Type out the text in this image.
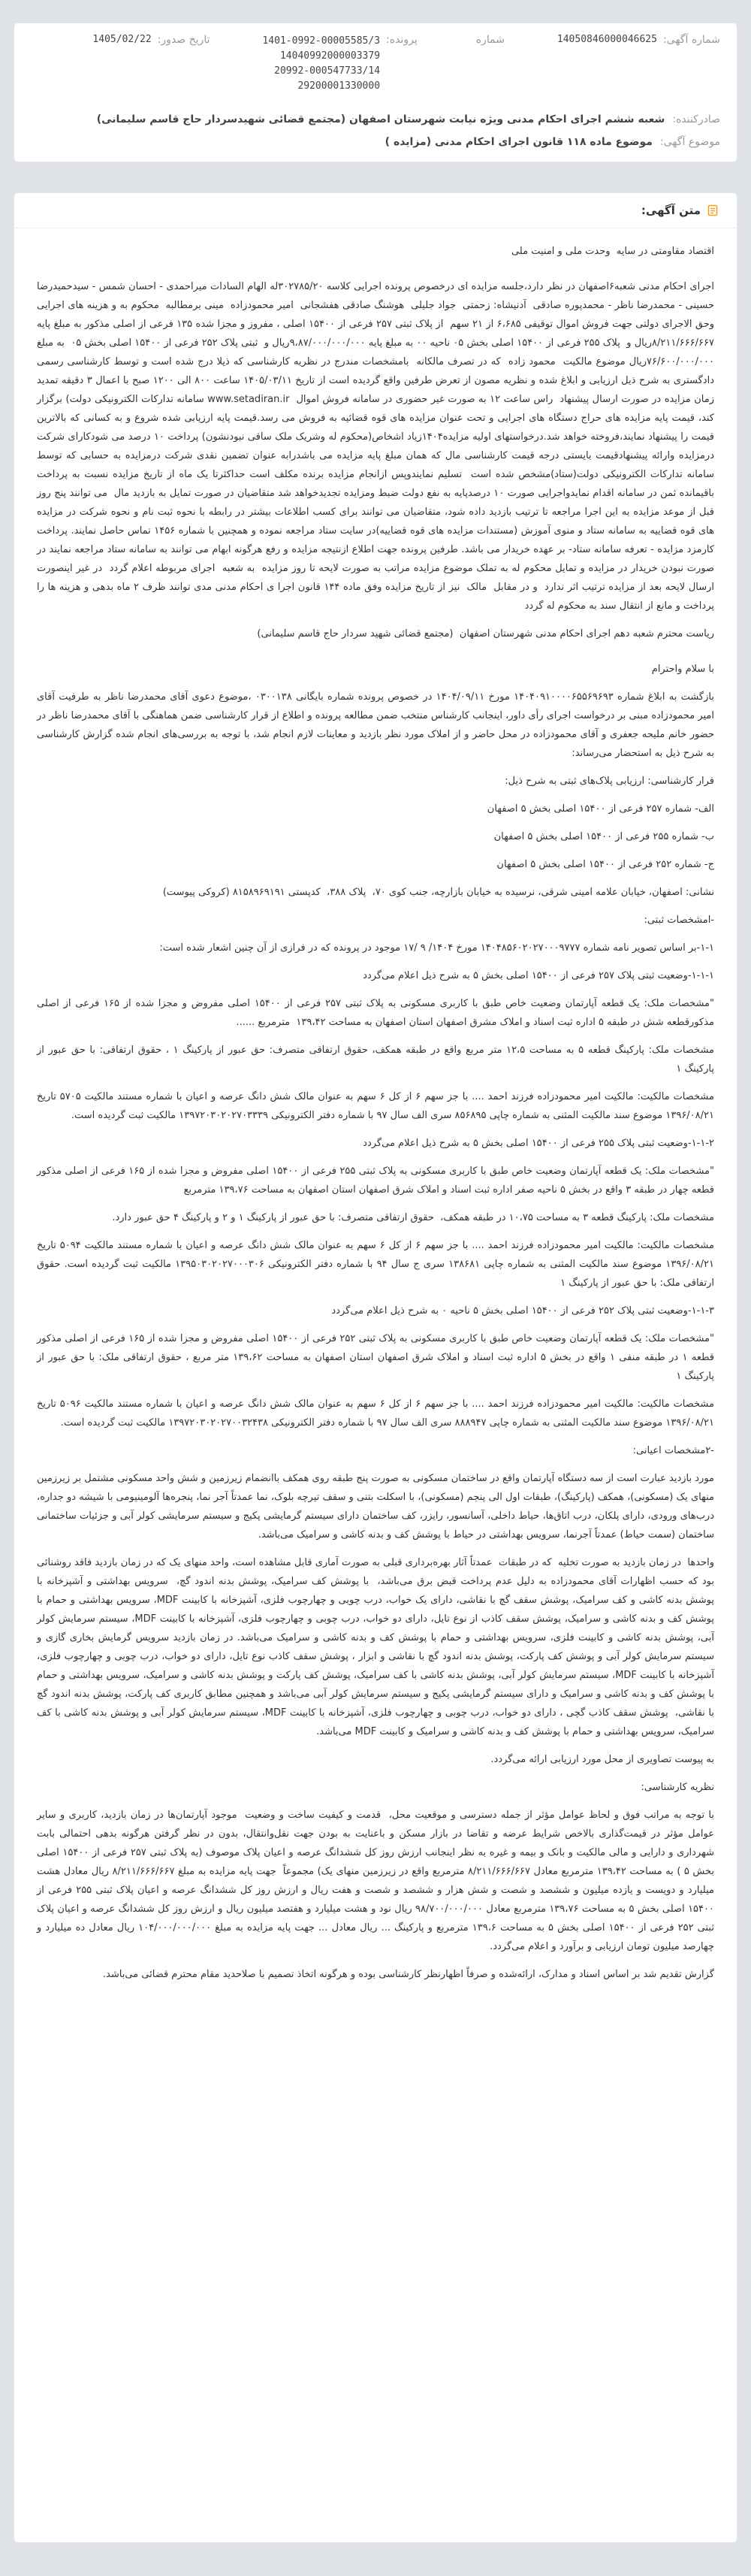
شماره آگهی:
14050846000046625
شماره
پرونده:
1401-0992-00005585/3
14040992000003379
20992-000547733/14
29200001330000
تاریخ صدور:
1405/02/22
صادرکننده:
شعبه ششم اجرای احکام مدنی ویژه نیابت شهرستان اصفهان (مجتمع قضائی شهیدسردار حاج قاسم سلیمانی)
موضوع آگهی:
موضوع ماده ۱۱۸ قانون اجرای احکام مدنی (مزایده )
متن آگهی:

اقتصاد مقاومتی در سایه  وحدت ملی و امنیت ملی

اجرای احکام مدنی شعبه۶اصفهان در نظر دارد،جلسه مزایده ای درخصوص پرونده اجرایی کلاسه ۳۰۲۷۸۵/۲۰له الهام السادات میراحمدی - احسان شمس - سیدحمیدرضا حسینی - محمدرضا ناظر - محمدپوره صادقی  آدنیشاه: زحمتی  جواد جلیلی  هوشنگ صادقی هفشجانی  امیر محمودزاده  مینی برمطالبه  محکوم به و هزینه های اجرایی وحق الاجرای دولتی جهت فروش اموال توقیفی ۶،۶۸۵ از ۲۱ سهم  از پلاک ثبتی ۲۵۷ فرعی از ۱۵۴۰۰ اصلی ، مفروز و مجزا شده ۱۳۵ فرعی از اصلی مذکور به مبلغ پایه ۸/۲۱۱/۶۶۶/۶۶۷ریال و  پلاک ۲۵۵ فرعی از ۱۵۴۰۰ اصلی بخش ۰۵ ناحیه ۰۰ به مبلغ پایه ۹،۸۷/۰۰۰/۰۰۰/۰۰۰ریال و  ثبتی پلاک ۲۵۲ فرعی از ۱۵۴۰۰ اصلی بخش ۰۵  به مبلغ ۷۶/۶۰۰/۰۰۰/۰۰۰ریال موضوع مالکیت  محمود زاده  که در تصرف مالکانه  بامشخصات مندرج در نظریه کارشناسی که ذیلا درج شده است و توسط کارشناسی رسمی دادگستری به شرح ذیل ارزیابی و ابلاغ شده و نظریه مصون از تعرض طرفین واقع گردیده است از تاریخ ۱۴۰۵/۰۳/۱۱ ساعت ۸۰۰ الی ۱۲۰۰ صبح با اعمال ۳ دقیقه تمدید زمان مزایده در صورت ارسال پیشنهاد  راس ساعت ۱۲ به صورت غیر حضوری در سامانه فروش اموال  www.setadiran.ir سامانه تدارکات الکترونیکی دولت) برگزار کند، قیمت پایه مزایده های حراج دستگاه های اجرایی و تحت عنوان مزایده های قوه قضائیه به فروش می رسد.قیمت پایه ارزیابی شده شروع و به کسانی که بالاترین قیمت را پیشنهاد نمایند،فروخته خواهد شد.درخواستهای اولیه مزایده۱۴۰۴زیاد اشخاص(محکوم له وشریک ملک ساقی نبودنشون) پرداخت ۱۰ درصد می شودکارای شرکت درمزایده وارائه پیشنهادقیمت بایستی درجه قیمت کارشناسی مال که همان مبلغ پایه مزایده می باشدرابه عنوان تضمین نقدی شرکت درمزایده به حسابی که توسط سامانه تدارکات الکترونیکی دولت(ستاد)مشخص شده است  تسلیم نمایندوپس ازانجام مزایده برنده مکلف است حداکثرتا یک ماه از تاریخ مزایده نسبت به پرداخت باقیمانده ثمن در سامانه اقدام نمایدواجرایی صورت ۱۰ درصدپایه به نفع دولت ضبط ومزایده تجدیدخواهد شد متقاضیان در صورت تمایل به بازدید مال  می توانند پنج روز قبل از موعد مزایده به این اجرا مراجعه تا ترتیب بازدید داده شود، متقاضیان می توانند برای کسب اطلاعات بیشتر در رابطه با نحوه ثبت نام و نحوه شرکت در مزایده های قوه قضاییه به سامانه ستاد و منوی آموزش (مستندات مزایده های قوه قضاییه)در سایت ستاد مراجعه نموده و همچنین با شماره ۱۴۵۶ تماس حاصل نمایند. پرداخت کارمزد مزایده - تعرفه سامانه ستاد- بر عهده خریدار می باشد. طرفین پرونده جهت اطلاع ازنتیجه مزایده و رفع هرگونه ابهام می توانند به سامانه ستاد مراجعه نمایند در صورت نبودن خریدار در مزایده و تمایل محکوم له به تملک موضوع مزایده مراتب به صورت لایحه تا روز مزایده  به شعبه  اجرای مربوطه اعلام گردد  در غیر اینصورت ارسال لایحه بعد از مزایده ترتیب اثر ندارد  و در مقابل  مالک  نیز از تاریخ مزایده وفق ماده ۱۴۴ قانون اجرا ی احکام مدنی مدی توانند ظرف ۲ ماه بدهی و هزینه ها را پرداخت و مانع از انتقال سند به محکوم له گردد

ریاست محترم شعبه دهم اجرای احکام مدنی شهرستان اصفهان  (مجتمع قضائی شهید سردار حاج قاسم سلیمانی)

با سلام واحترام

بازگشت به ابلاغ شماره ۱۴۰۴۰۹۱۰۰۰۰۶۵۵۶۹۶۹۳ مورخ ۱۴۰۴/۰۹/۱۱ در خصوص پرونده شماره بایگانی ۰۳۰۰۱۳۸ ،موضوع دعوی آقای محمدرضا ناظر به طرفیت آقای امیر محمودزاده مبنی بر درخواست اجرای رأی داور، اینجانب کارشناس منتخب ضمن مطالعه پرونده و اطلاع از قرار کارشناسی ضمن هماهنگی با آقای محمدرضا ناظر در حضور خانم ملیحه جعفری و آقای محمودزاده در محل حاضر و از املاک مورد نظر بازدید و معاینات لازم انجام شد، با توجه به بررسی‌های انجام شده گزارش کارشناسی به شرح ذیل به استحضار می‌رساند:

قرار کارشناسی: ارزیابی پلاک‌های ثبتی به شرح ذیل:

الف- شماره ۲۵۷ فرعی از ۱۵۴۰۰ اصلی بخش ۵ اصفهان

ب- شماره ۲۵۵ فرعی از ۱۵۴۰۰ اصلی بخش ۵ اصفهان

ج- شماره ۲۵۲ فرعی از ۱۵۴۰۰ اصلی بخش ۵ اصفهان

نشانی: اصفهان، خیابان علامه امینی شرقی، نرسیده به خیابان بازارچه، جنب کوی ۷۰،  پلاک ۳۸۸،  کدپستی ۸۱۵۸۹۶۹۱۹۱ (کروکی پیوست)

-امشخصات ثبتی:

۱-۱-بر اساس تصویر نامه شماره ۱۴۰۴۸۵۶۰۲۰۲۷۰۰۰۹۷۷۷ مورخ ۱۴۰۴/ ۹ /۱۷ موجود در پرونده که در فرازی از آن چنین اشعار شده است:

۱-۱-۱-وضعیت ثبتی پلاک ۲۵۷ فرعی از ۱۵۴۰۰ اصلی بخش ۵ به شرح ذیل اعلام می‌گردد

"مشخصات ملک: یک قطعه آپارتمان وضعیت خاص طبق با کاربری مسکونی به پلاک ثبتی ۲۵۷ فرعی از ۱۵۴۰۰ اصلی مفروض و مجزا شده از ۱۶۵ فرعی از اصلی مذکورقطعه شش در طبقه ۵ اداره ثبت اسناد و املاک مشرق اصفهان استان اصفهان به مساحت ۱۳۹،۴۲  مترمربع ......

مشخصات ملک: پارکینگ قطعه ۵ به مساحت ۱۲،۵ متر مربع واقع در طبقه همکف، حقوق ارتفاقی متصرف: حق عبور از پارکینگ ۱ ، حقوق ارتفاقی: با حق عبور از پارکینگ ۱

مشخصات مالکیت: مالکیت امیر محمودزاده فرزند احمد .... با جز سهم ۶ از کل ۶ سهم به عنوان مالک شش دانگ عرصه و اعیان با شماره مستند مالکیت ۵۷۰۵ تاریخ ۱۳۹۶/۰۸/۲۱ موضوع سند مالکیت المثنی به شماره چاپی ۸۵۶۸۹۵ سری الف سال ۹۷ با شماره دفتر الکترونیکی ۱۳۹۷۲۰۳۰۲۰۲۷۰۳۳۳۹ مالکیت ثبت گردیده است.

۱-۱-۲-وضعیت ثبتی پلاک ۲۵۵ فرعی از ۱۵۴۰۰ اصلی بخش ۵ به شرح ذیل اعلام می‌گردد

"مشخصات ملک: یک قطعه آپارتمان وضعیت خاص طبق با کاربری مسکونی به پلاک ثبتی ۲۵۵ فرعی از ۱۵۴۰۰ اصلی مفروض و مجزا شده از ۱۶۵ فرعی از اصلی مذکور قطعه چهار در طبقه ۳ واقع در بخش ۵ ناحیه صفر اداره ثبت اسناد و املاک شرق اصفهان استان اصفهان به مساحت ۱۳۹،۷۶ مترمربع

مشخصات ملک: پارکینگ قطعه ۳ به مساحت ۱۰،۷۵ در طبقه همکف،  حقوق ارتفاقی متصرف: با حق عبور از پارکینگ ۱ و ۲ و پارکینگ ۴ حق عبور دارد.

مشخصات مالکیت: مالکیت امیر محمودزاده فرزند احمد .... با جز سهم ۶ از کل ۶ سهم به عنوان مالک شش دانگ عرصه و اعیان با شماره مستند مالکیت ۵۰۹۴ تاریخ ۱۳۹۶/۰۸/۲۱ موضوع سند مالکیت المثنی به شماره چاپی ۱۳۸۶۸۱ سری ج سال ۹۴ با شماره دفتر الکترونیکی ۱۳۹۵۰۳۰۲۰۲۷۰۰۰۳۰۶ مالکیت ثبت گردیده است. حقوق ارتفاقی ملک: با حق عبور از پارکینگ ۱

۱-۱-۳-وضعیت ثبتی پلاک ۲۵۲ فرعی از ۱۵۴۰۰ اصلی بخش ۵ ناحیه ۰ به شرح ذیل اعلام می‌گردد

"مشخصات ملک: یک قطعه آپارتمان وضعیت خاص طبق با کاربری مسکونی به پلاک ثبتی ۲۵۲ فرعی از ۱۵۴۰۰ اصلی مفروض و مجزا شده از ۱۶۵ فرعی از اصلی مذکور قطعه ۱ در طبقه منفی ۱ واقع در بخش ۵ اداره ثبت اسناد و املاک شرق اصفهان استان اصفهان به مساحت ۱۳۹،۶۲ متر مربع ، حقوق ارتفاقی ملک: با حق عبور از پارکینگ ۱

مشخصات مالکیت: مالکیت امیر محمودزاده فرزند احمد .... با جز سهم ۶ از کل ۶ سهم به عنوان مالک شش دانگ عرصه و اعیان با شماره مستند مالکیت ۵۰۹۶ تاریخ ۱۳۹۶/۰۸/۲۱ موضوع سند مالکیت المثنی به شماره چاپی ۸۸۸۹۴۷ سری الف سال ۹۷ با شماره دفتر الکترونیکی ۱۳۹۷۲۰۳۰۲۰۲۷۰۰۳۲۴۳۸ مالکیت ثبت گردیده است.

-۲مشخصات اعیانی:

مورد بازدید عبارت است از سه دستگاه آپارتمان واقع در ساختمان مسکونی به صورت پنج طبقه روی همکف باانضمام زیرزمین و شش واحد مسکونی مشتمل بر زیرزمین منهای یک (مسکونی)، همکف (پارکینگ)، طبقات اول الی پنجم (مسکونی)، با اسکلت بتنی و سقف تیرچه بلوک، نما عمدتاً آجر نما، پنجره‌ها آلومینیومی با شیشه دو جداره، درب‌های ورودی، دارای پلکان، درب اتاق‌ها، حیاط داخلی، آسانسور، رایزر، کف ساختمان دارای سیستم گرمایشی پکیج و سیستم سرمایشی کولر آبی و جزئیات ساختمانی ساختمان (سمت حیاط) عمدتاً آجرنما، سرویس بهداشتی در حیاط با پوشش کف و بدنه کاشی و سرامیک می‌باشد.

واحدها  در زمان بازدید به صورت تخلیه  که در طبقات  عمدتاً آثار بهره‌برداری قبلی به صورت آماری قابل مشاهده است، واحد منهای یک که در زمان بازدید فاقد روشنائی بود که حسب اظهارات آقای محمودزاده به دلیل عدم پرداخت قبض برق می‌باشد،  با پوشش کف سرامیک، پوشش بدنه اندود گچ،  سرویس بهداشتی و آشپزخانه با پوشش بدنه کاشی و کف سرامیک، پوشش سقف گچ با نقاشی، دارای یک خواب، درب چوبی و چهارچوب فلزی، آشپزخانه با کابینت MDF، سرویس بهداشتی و حمام با پوشش کف و بدنه کاشی و سرامیک، پوشش سقف کاذب از نوع تایل، دارای دو خواب، درب چوبی و چهارچوب فلزی، آشپزخانه با کابینت MDF، سیستم سرمایش کولر آبی، پوشش بدنه کاشی و کابینت فلزی، سرویس بهداشتی و حمام با پوشش کف و بدنه کاشی و سرامیک می‌باشد. در زمان بازدید سرویس گرمایش بخاری گازی و سیستم سرمایش کولر آبی و پوشش کف پارکت، پوشش بدنه اندود گچ با نقاشی و ابزار ، پوشش سقف کاذب نوع تایل، دارای دو خواب، درب چوبی و چهارچوب فلزی، آشپزخانه با کابینت MDF، سیستم سرمایش کولر آبی، پوشش بدنه کاشی با کف سرامیک، پوشش کف پارکت و پوشش بدنه کاشی و سرامیک، سرویس بهداشتی و حمام با پوشش کف و بدنه کاشی و سرامیک و دارای سیستم گرمایشی پکیج و سیستم سرمایش کولر آبی می‌باشد و همچنین مطابق کاربری کف پارکت، پوشش بدنه اندود گچ با نقاشی،  پوشش سقف کاذب گچی ، دارای دو خواب، درب چوبی و چهارچوب فلزی، آشپزخانه با کابینت MDF، سیستم سرمایش کولر آبی و پوشش بدنه کاشی با کف سرامیک، سرویس بهداشتی و حمام با پوشش کف و بدنه کاشی و سرامیک و کابینت MDF می‌باشد.

به پیوست تصاویری از محل مورد ارزیابی ارائه می‌گردد.

نظریه کارشناسی:

با توجه به مراتب فوق و لحاظ عوامل مؤثر از جمله دسترسی و موقعیت محل،  قدمت و کیفیت ساخت و وضعیت  موجود آپارتمان‌ها در زمان بازدید، کاربری و سایر عوامل مؤثر در قیمت‌گذاری بالاخص شرایط عرضه و تقاضا در بازار مسکن و باعنایت به بودن جهت نقل‌وانتقال، بدون در نظر گرفتن هرگونه بدهی احتمالی بابت شهرداری و دارایی و مالی مالکیت و بانک و بیمه و غیره به نظر اینجانب ارزش روز کل ششدانگ عرصه و اعیان پلاک موصوف (به پلاک ثبتی ۲۵۷ فرعی از ۱۵۴۰۰ اصلی بخش ۵ ) به مساحت ۱۳۹،۴۲ مترمربع معادل ۸/۲۱۱/۶۶۶/۶۶۷ مترمربع واقع در زیرزمین منهای یک) مجموعاً  جهت پایه مزایده به مبلغ ۸/۲۱۱/۶۶۶/۶۶۷ ریال معادل هشت میلیارد و دویست و یازده میلیون و ششصد و شصت و شش هزار و ششصد و شصت و هفت ریال و ارزش روز کل ششدانگ عرصه و اعیان پلاک ثبتی ۲۵۵ فرعی از ۱۵۴۰۰ اصلی بخش ۵ به مساحت ۱۳۹،۷۶ مترمربع معادل ۹۸/۷۰۰/۰۰۰/۰۰۰ ریال نود و هشت میلیارد و هفتصد میلیون ریال و ارزش روز کل ششدانگ عرصه و اعیان پلاک ثبتی ۲۵۲ فرعی از ۱۵۴۰۰ اصلی بخش ۵ به مساحت ۱۳۹،۶ مترمربع و پارکینگ ... ریال معادل ... جهت پایه مزایده به مبلغ ۱۰۴/۰۰۰/۰۰۰/۰۰۰ ریال معادل ده میلیارد و چهارصد میلیون تومان ارزیابی و برآورد و اعلام می‌گردد.

گزارش تقدیم شد بر اساس اسناد و مدارک، ارائه‌شده و صرفاً اظهارنظر کارشناسی بوده و هرگونه اتخاذ تصمیم با صلاحدید مقام محترم قضائی می‌باشد.
